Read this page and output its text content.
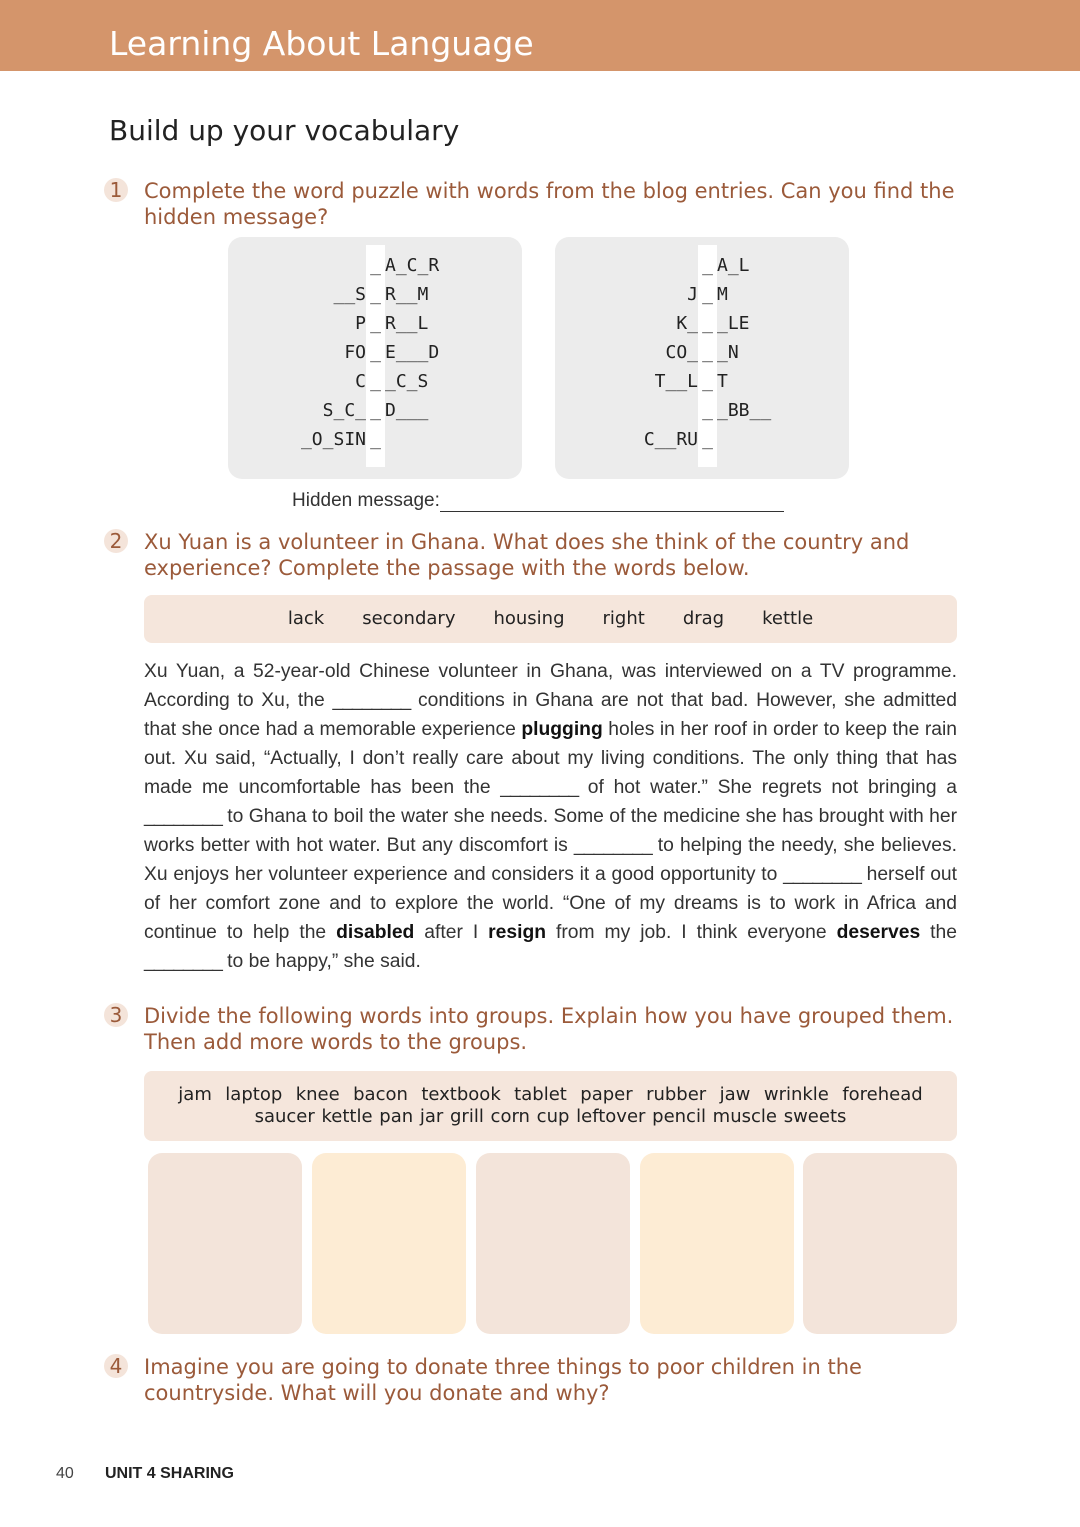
Learning About Language
Build up your vocabulary
1 Complete the word puzzle with words from the blog entries. Can you find the hidden message?
_ A_C_R
__S _ R__M
P _ R__L
FO _ E___D
C _ _C_S
S_C_ _ D___
_O_SIN _
_ A_L
J _ M
K_ _ _LE
CO_ _ _N
T__L _ T
_ _BB__
C__RU _
Hidden message:
2 Xu Yuan is a volunteer in Ghana. What does she think of the country and experience? Complete the passage with the words below.
lack secondary housing right drag kettle
Xu Yuan, a 52-year-old Chinese volunteer in Ghana, was interviewed on a TV programme. According to Xu, the ________ conditions in Ghana are not that bad. However, she admitted that she once had a memorable experience plugging holes in her roof in order to keep the rain out. Xu said, “Actually, I don’t really care about my living conditions. The only thing that has made me uncomfortable has been the ________ of hot water.” She regrets not bringing a ________ to Ghana to boil the water she needs. Some of the medicine she has brought with her works better with hot water. But any discomfort is ________ to helping the needy, she believes. Xu enjoys her volunteer experience and considers it a good opportunity to ________ herself out of her comfort zone and to explore the world. “One of my dreams is to work in Africa and continue to help the disabled after I resign from my job. I think everyone deserves the ________ to be happy,” she said.
3 Divide the following words into groups. Explain how you have grouped them. Then add more words to the groups.
jam  laptop  knee  bacon  textbook  tablet  paper  rubber  jaw  wrinkle  forehead
saucer kettle pan jar grill corn cup leftover pencil muscle sweets
4 Imagine you are going to donate three things to poor children in the countryside. What will you donate and why?
40 UNIT 4 SHARING
